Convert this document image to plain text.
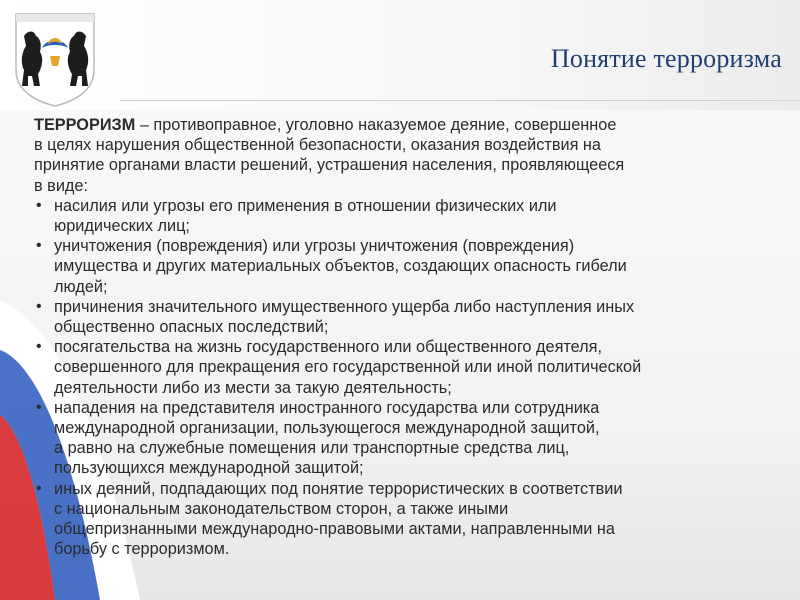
Понятие терроризма

ТЕРРОРИЗМ – противоправное, уголовно наказуемое деяние, совершенное
в целях нарушения общественной безопасности, оказания воздействия на
принятие органами власти решений, устрашения населения, проявляющееся
в виде:

• насилия или угрозы его применения в отношении физических или
юридических лиц;
• уничтожения (повреждения) или угрозы уничтожения (повреждения)
имущества и других материальных объектов, создающих опасность гибели
людей;
• причинения значительного имущественного ущерба либо наступления иных
общественно опасных последствий;
• посягательства на жизнь государственного или общественного деятеля,
совершенного для прекращения его государственной или иной политической
деятельности либо из мести за такую деятельность;
• нападения на представителя иностранного государства или сотрудника
международной организации, пользующегося международной защитой,
а равно на служебные помещения или транспортные средства лиц,
пользующихся международной защитой;
• иных деяний, подпадающих под понятие террористических в соответствии
с национальным законодательством сторон, а также иными
общепризнанными международно-правовыми актами, направленными на
борьбу с терроризмом.
